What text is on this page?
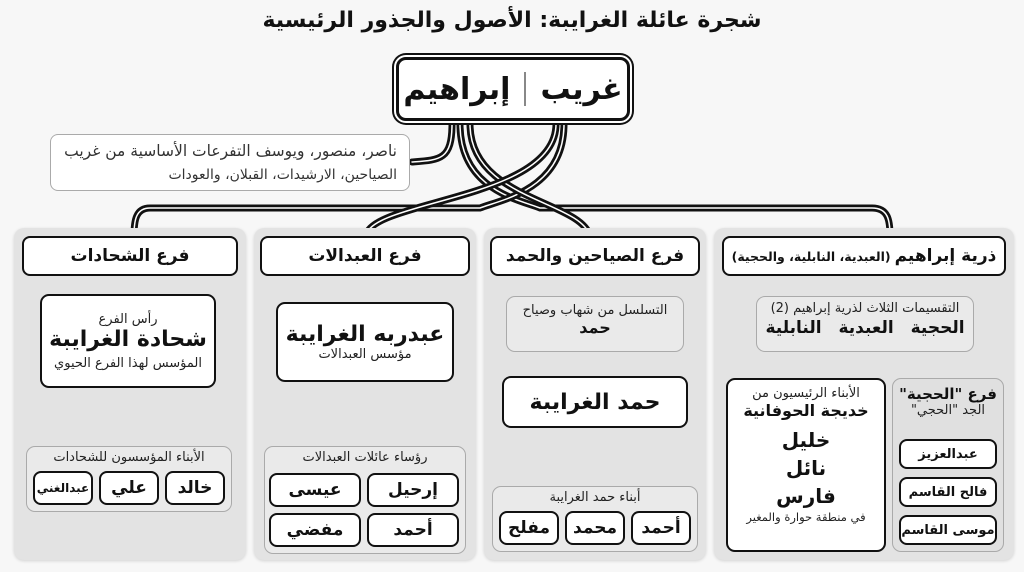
شجرة عائلة الغرايبة: الأصول والجذور الرئيسية
غريب
إبراهيم
ناصر، منصور، ويوسف التفرعات الأساسية من غريب
الصياحين، الارشيدات، القبلان، والعودات
ذرية إبراهيم
(العبدية، النابلية، والحجية)
التقسيمات الثلاث لذرية إبراهيم (2)
الحجية
العبدية
النابلية
فرع "الحجية"
الجد "الحجي"
عبدالعزيز
فالح القاسم
موسى القاسم
الأبناء الرئيسيون من
خديجة الحوفانية
خليل
نائل
فارس
في منطقة حوارة والمغير
فرع الصياحين والحمد
التسلسل من شهاب وصياح
حمد
حمد الغرايبة
أبناء حمد الغرايبة
أحمد
محمد
مفلح
فرع العبدالات
عبدربه الغرايبة
مؤسس العبدالات
رؤساء عائلات العبدالات
إرحيل
عيسى
أحمد
مفضي
فرع الشحادات
رأس الفرع
شحادة الغرايبة
المؤسس لهذا الفرع الحيوي
الأبناء المؤسسون للشحادات
خالد
علي
عبدالغني
